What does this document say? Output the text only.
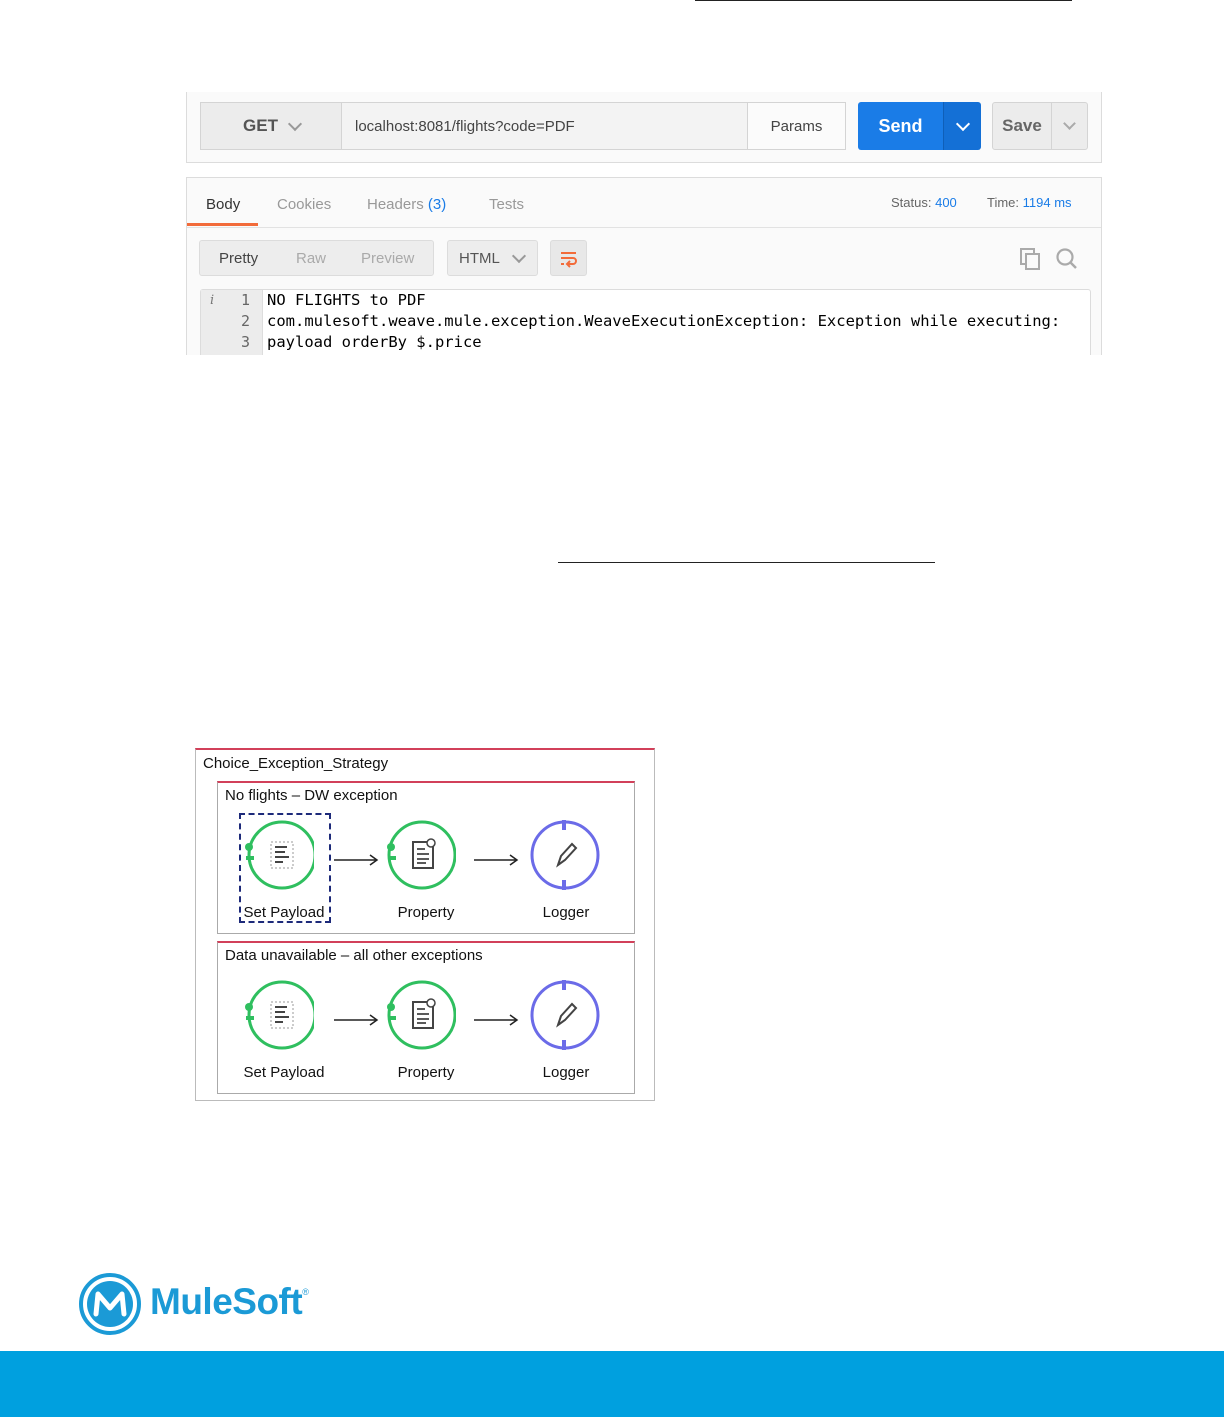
GET	localhost:8081/flights?code=PDF	Params	Send	Save
Body Cookies Headers (3)	Tests	Status: 400 Time: 1194 ms
Pretty	Raw Preview	HTML
i 1
2
3
NO FLIGHTS to PDF
com.mulesoft.weave.mule.exception.WeaveExecutionException: Exception while executing:
payload orderBy $.price
Choice_Exception_Strategy
No flights – DW exception
Set Payload	Property	Logger
Data unavailable – all other exceptions
Set Payload	Property	Logger
MuleSoft®
